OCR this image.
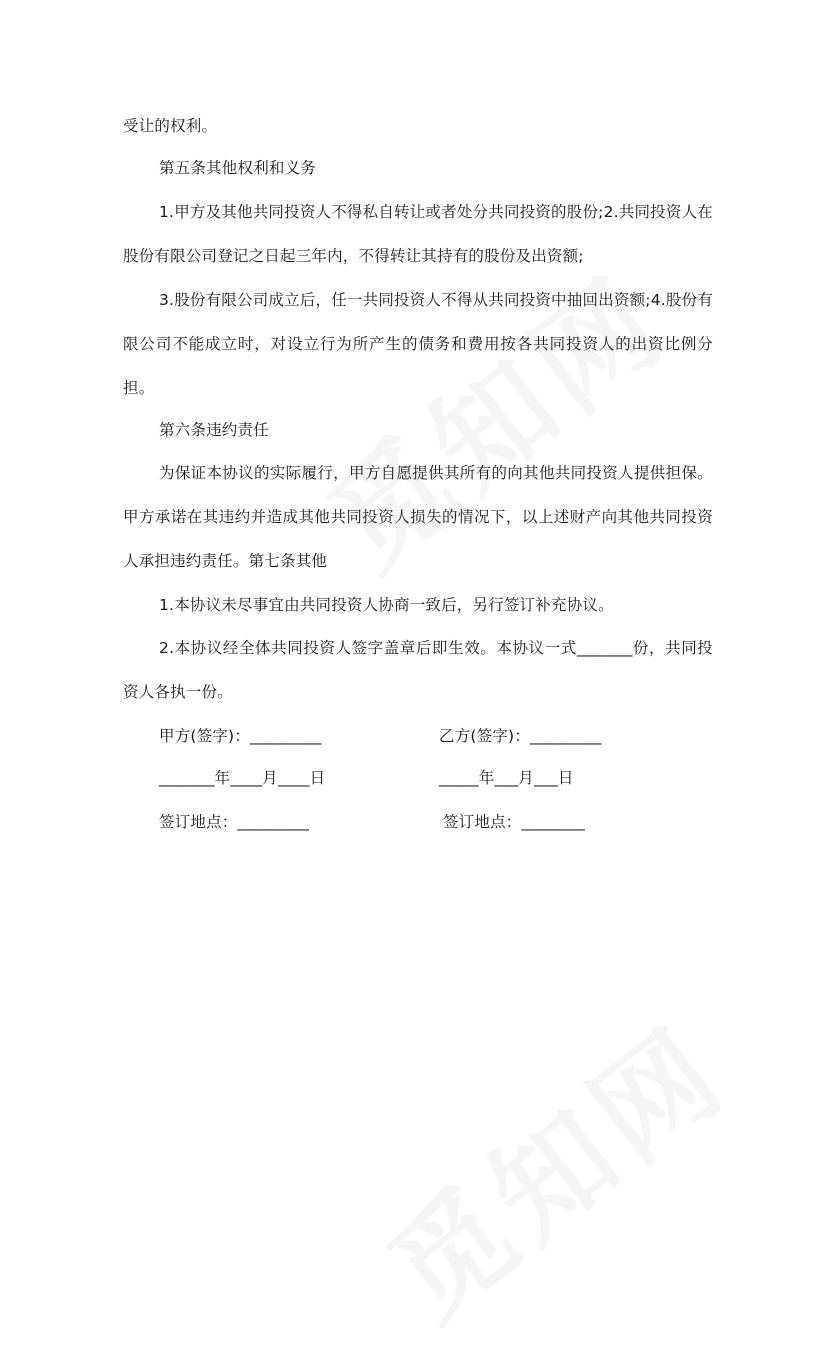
受让的权利。
第五条其他权利和义务
1.甲方及其他共同投资人不得私自转让或者处分共同投资的股份;2.共同投资人在股份有限公司登记之日起三年内，不得转让其持有的股份及出资额;
3.股份有限公司成立后，任一共同投资人不得从共同投资中抽回出资额;4.股份有限公司不能成立时，对设立行为所产生的债务和费用按各共同投资人的出资比例分担。
第六条违约责任
为保证本协议的实际履行，甲方自愿提供其所有的向其他共同投资人提供担保。甲方承诺在其违约并造成其他共同投资人损失的情况下，以上述财产向其他共同投资人承担违约责任。第七条其他
1.本协议未尽事宜由共同投资人协商一致后，另行签订补充协议。
2.本协议经全体共同投资人签字盖章后即生效。本协议一式_______份，共同投资人各执一份。
甲方(签字)：_________	乙方(签字)：_________
_______年____月____日	_____年___月___日
签订地点：_________	签订地点：________
